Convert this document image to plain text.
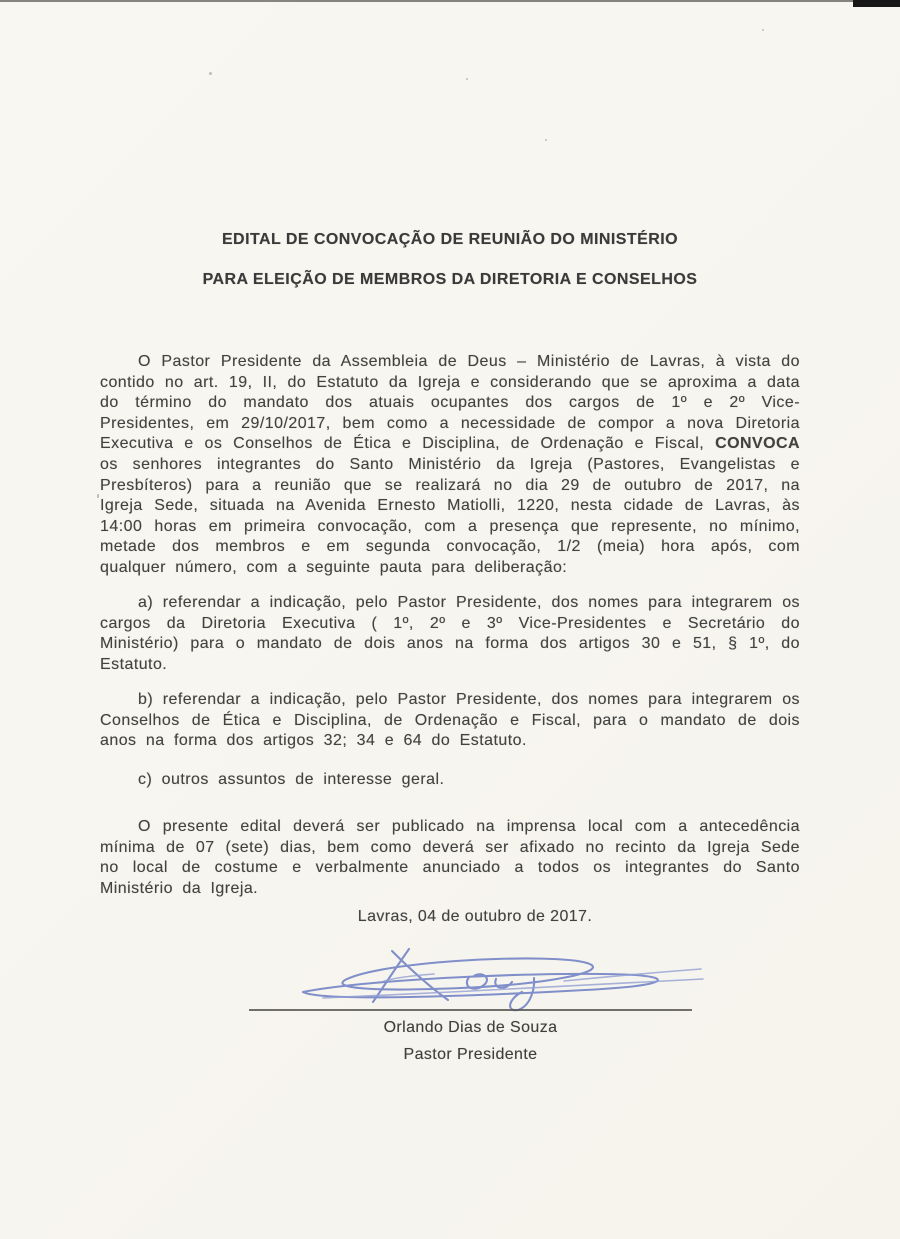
EDITAL DE CONVOCAÇÃO DE REUNIÃO DO MINISTÉRIO
PARA ELEIÇÃO DE MEMBROS DA DIRETORIA E CONSELHOS

O Pastor Presidente da Assembleia de Deus – Ministério de Lavras, à vista do contido no art. 19, II, do Estatuto da Igreja e considerando que se aproxima a data do término do mandato dos atuais ocupantes dos cargos de 1º e 2º Vice-Presidentes, em 29/10/2017, bem como a necessidade de compor a nova Diretoria Executiva e os Conselhos de Ética e Disciplina, de Ordenação e Fiscal, CONVOCA os senhores integrantes do Santo Ministério da Igreja (Pastores, Evangelistas e Presbíteros) para a reunião que se realizará no dia 29 de outubro de 2017, na Igreja Sede, situada na Avenida Ernesto Matiolli, 1220, nesta cidade de Lavras, às 14:00 horas em primeira convocação, com a presença que represente, no mínimo, metade dos membros e em segunda convocação, 1/2 (meia) hora após, com qualquer número, com a seguinte pauta para deliberação:

a) referendar a indicação, pelo Pastor Presidente, dos nomes para integrarem os cargos da Diretoria Executiva ( 1º, 2º e 3º Vice-Presidentes e Secretário do Ministério) para o mandato de dois anos na forma dos artigos 30 e 51, § 1º, do Estatuto.

b) referendar a indicação, pelo Pastor Presidente, dos nomes para integrarem os Conselhos de Ética e Disciplina, de Ordenação e Fiscal, para o mandato de dois anos na forma dos artigos 32; 34 e 64 do Estatuto.

c) outros assuntos de interesse geral.

O presente edital deverá ser publicado na imprensa local com a antecedência mínima de 07 (sete) dias, bem como deverá ser afixado no recinto da Igreja Sede no local de costume e verbalmente anunciado a todos os integrantes do Santo Ministério da Igreja.

Lavras, 04 de outubro de 2017.
Orlando Dias de Souza
Pastor Presidente
